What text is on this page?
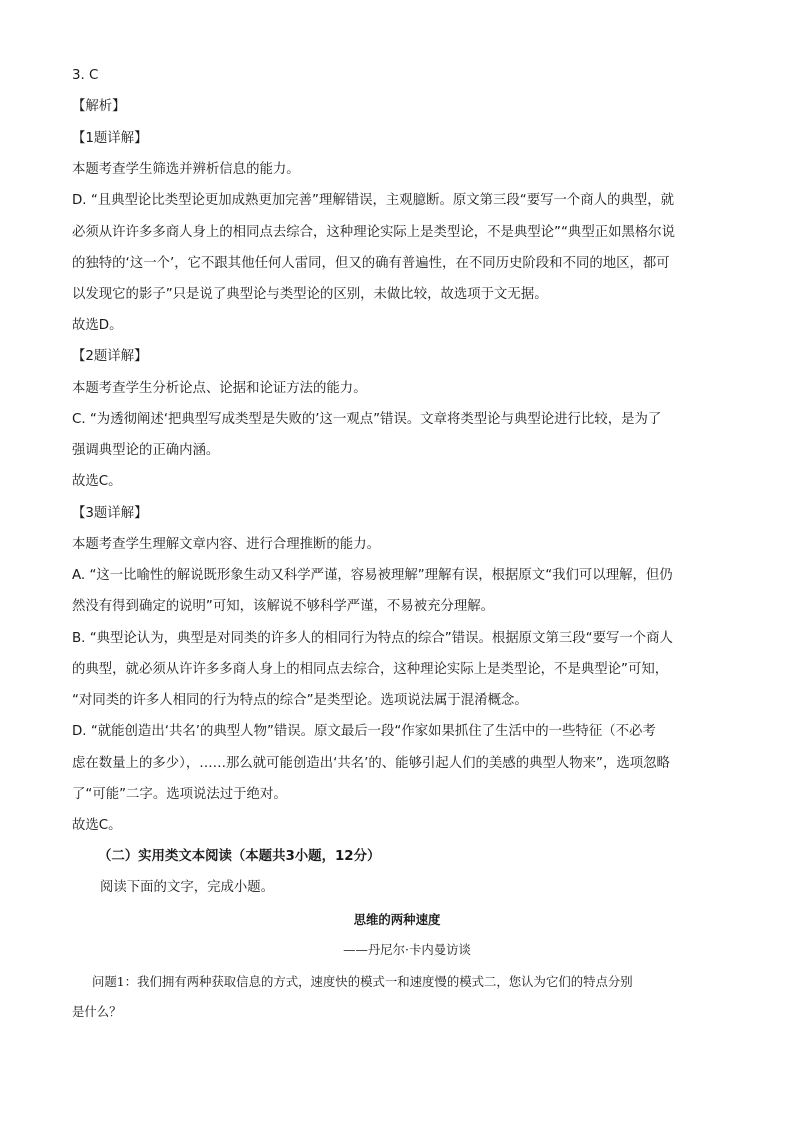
3. C
【解析】
【1题详解】
本题考查学生筛选并辨析信息的能力。
D. “且典型论比类型论更加成熟更加完善”理解错误，主观臆断。原文第三段“要写一个商人的典型，就
必须从许许多多商人身上的相同点去综合，这种理论实际上是类型论，不是典型论”“典型正如黑格尔说
的独特的‘这一个’，它不跟其他任何人雷同，但又的确有普遍性，在不同历史阶段和不同的地区，都可
以发现它的影子”只是说了典型论与类型论的区别，未做比较，故选项于文无据。
故选D。
【2题详解】
本题考查学生分析论点、论据和论证方法的能力。
C. “为透彻阐述‘把典型写成类型是失败的’这一观点”错误。文章将类型论与典型论进行比较，是为了
强调典型论的正确内涵。
故选C。
【3题详解】
本题考查学生理解文章内容、进行合理推断的能力。
A. “这一比喻性的解说既形象生动又科学严谨，容易被理解”理解有误，根据原文“我们可以理解，但仍
然没有得到确定的说明”可知，该解说不够科学严谨，不易被充分理解。
B. “典型论认为，典型是对同类的许多人的相同行为特点的综合”错误。根据原文第三段“要写一个商人
的典型，就必须从许许多多商人身上的相同点去综合，这种理论实际上是类型论，不是典型论”可知，
“对同类的许多人相同的行为特点的综合”是类型论。选项说法属于混淆概念。
D. “就能创造出‘共名’的典型人物”错误。原文最后一段“作家如果抓住了生活中的一些特征（不必考
虑在数量上的多少），……那么就可能创造出‘共名’的、能够引起人们的美感的典型人物来”，选项忽略
了“可能”二字。选项说法过于绝对。
故选C。
（二）实用类文本阅读（本题共3小题，12分）
阅读下面的文字，完成小题。
思维的两种速度
——丹尼尔·卡内曼访谈
问题1：我们拥有两种获取信息的方式，速度快的模式一和速度慢的模式二，您认为它们的特点分别
是什么？
